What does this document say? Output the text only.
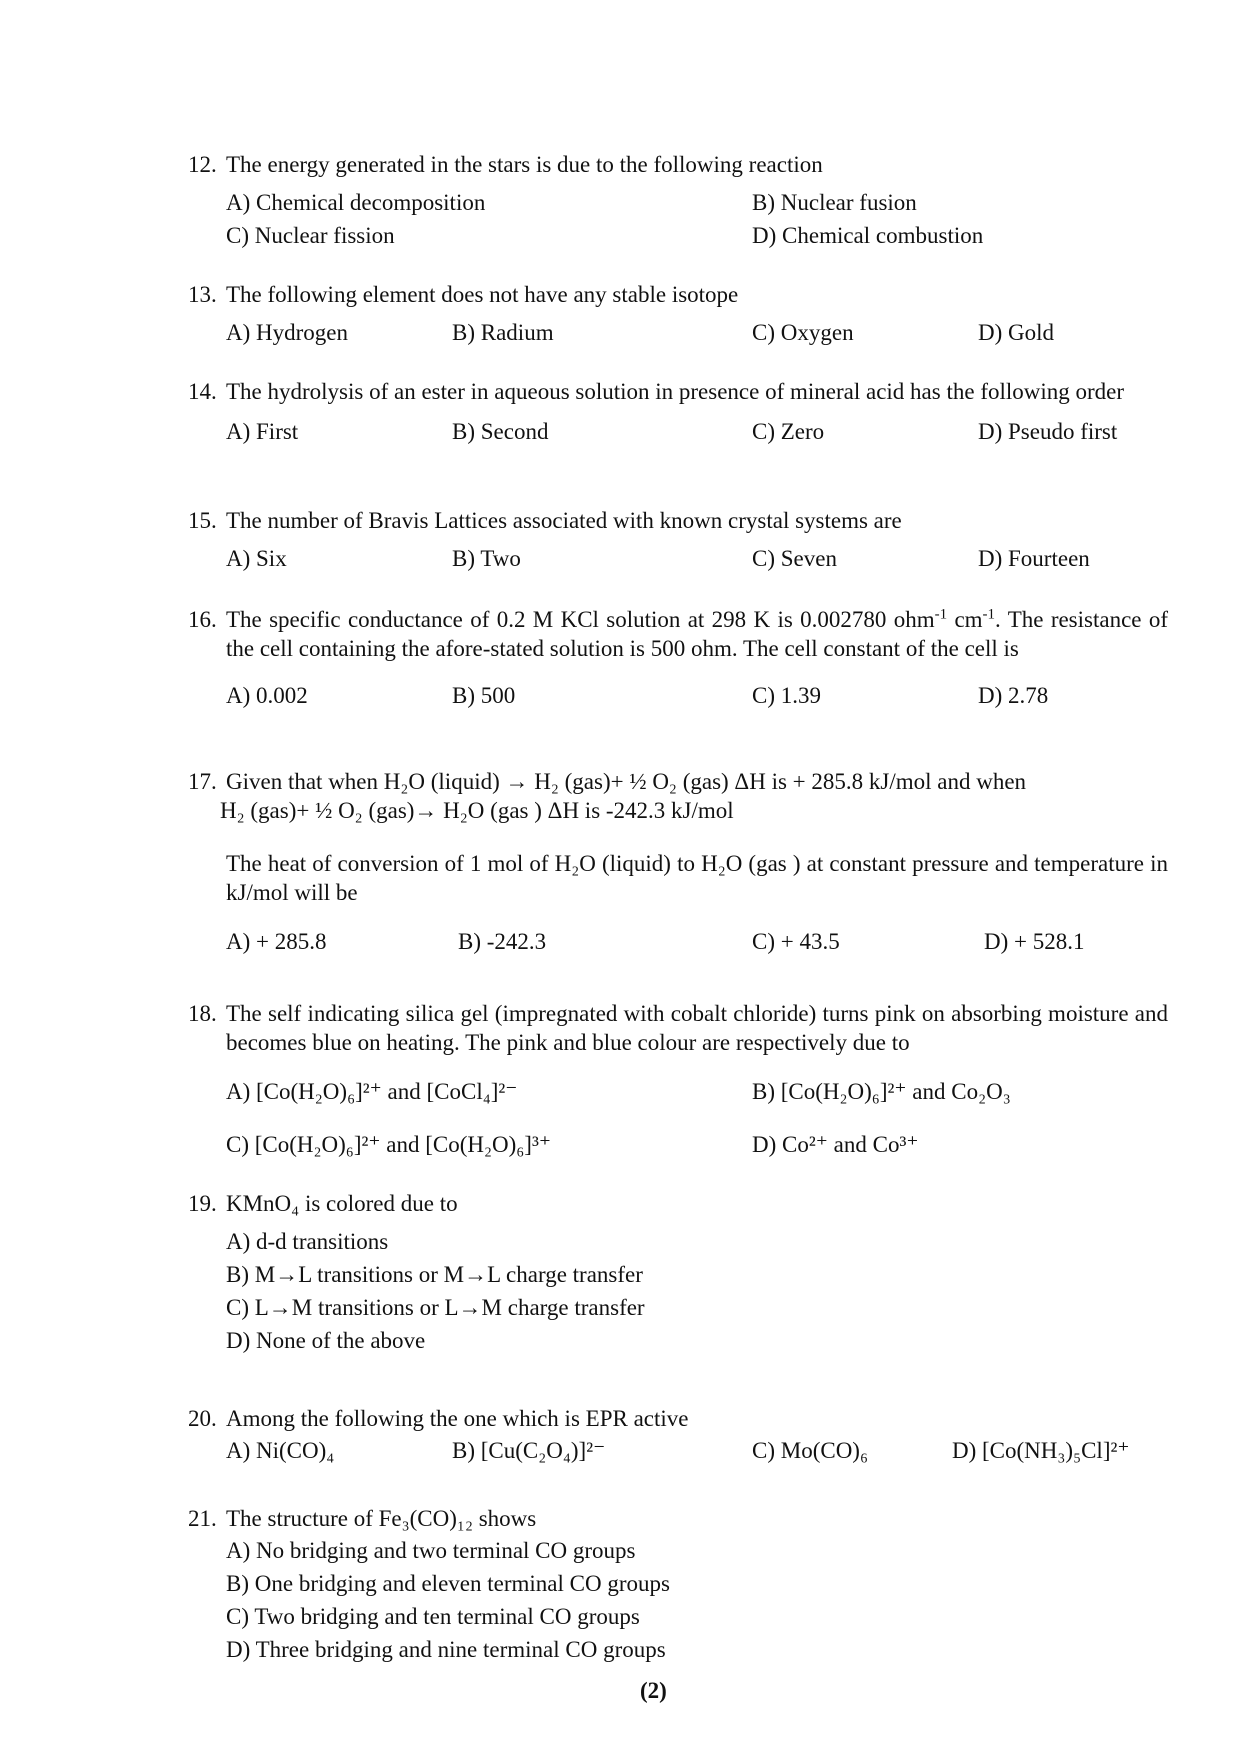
12. The energy generated in the stars is due to the following reaction
A) Chemical decomposition	B) Nuclear fusion
C) Nuclear fission	D) Chemical combustion
13. The following element does not have any stable isotope
A) Hydrogen	B) Radium	C) Oxygen	D) Gold
14. The hydrolysis of an ester in aqueous solution in presence of mineral acid has the following order
A) First	B) Second	C) Zero	D) Pseudo first
15. The number of Bravis Lattices associated with known crystal systems are
A) Six	B) Two	C) Seven	D) Fourteen
16. The specific conductance of 0.2 M KCl solution at 298 K is 0.002780 ohm$^{-1}$ $cm^{-1}$. The resistance of the cell containing the afore-stated solution is 500 ohm. The cell constant of the cell is
A) 0.002	B) 500	C) 1.39	D) 2.78
17. Given that when H₂O (liquid) → H₂ (gas)+ ½ O₂ (gas) ΔH is + 285.8 kJ/mol and when
H₂ (gas)+ ½ O₂ (gas)→ H₂O (gas ) ΔH is -242.3 kJ/mol
The heat of conversion of 1 mol of H₂O (liquid) to H₂O (gas ) at constant pressure and temperature in kJ/mol will be
A) + 285.8	B) -242.3	C) + 43.5	D) + 528.1
18. The self indicating silica gel (impregnated with cobalt chloride) turns pink on absorbing moisture and becomes blue on heating. The pink and blue colour are respectively due to
A) [Co(H₂O)₆]²⁺ and [CoCl₄]²⁻	B) [Co(H₂O)₆]²⁺ and Co₂O₃
C) [Co(H₂O)₆]²⁺ and [Co(H₂O)₆]³⁺	D) Co²⁺ and Co³⁺
19. KMnO₄ is colored due to
A) d-d transitions
B) M→L transitions or M→L charge transfer
C) L→M transitions or L→M charge transfer
D) None of the above
20. Among the following the one which is EPR active
A) Ni(CO)₄	B) [Cu(C₂O₄)]²⁻	C) Mo(CO)₆	D) [Co(NH₃)₅Cl]²⁺
21. The structure of Fe₃(CO)₁₂ shows
A) No bridging and two terminal CO groups
B) One bridging and eleven terminal CO groups
C) Two bridging and ten terminal CO groups
D) Three bridging and nine terminal CO groups
(2)
